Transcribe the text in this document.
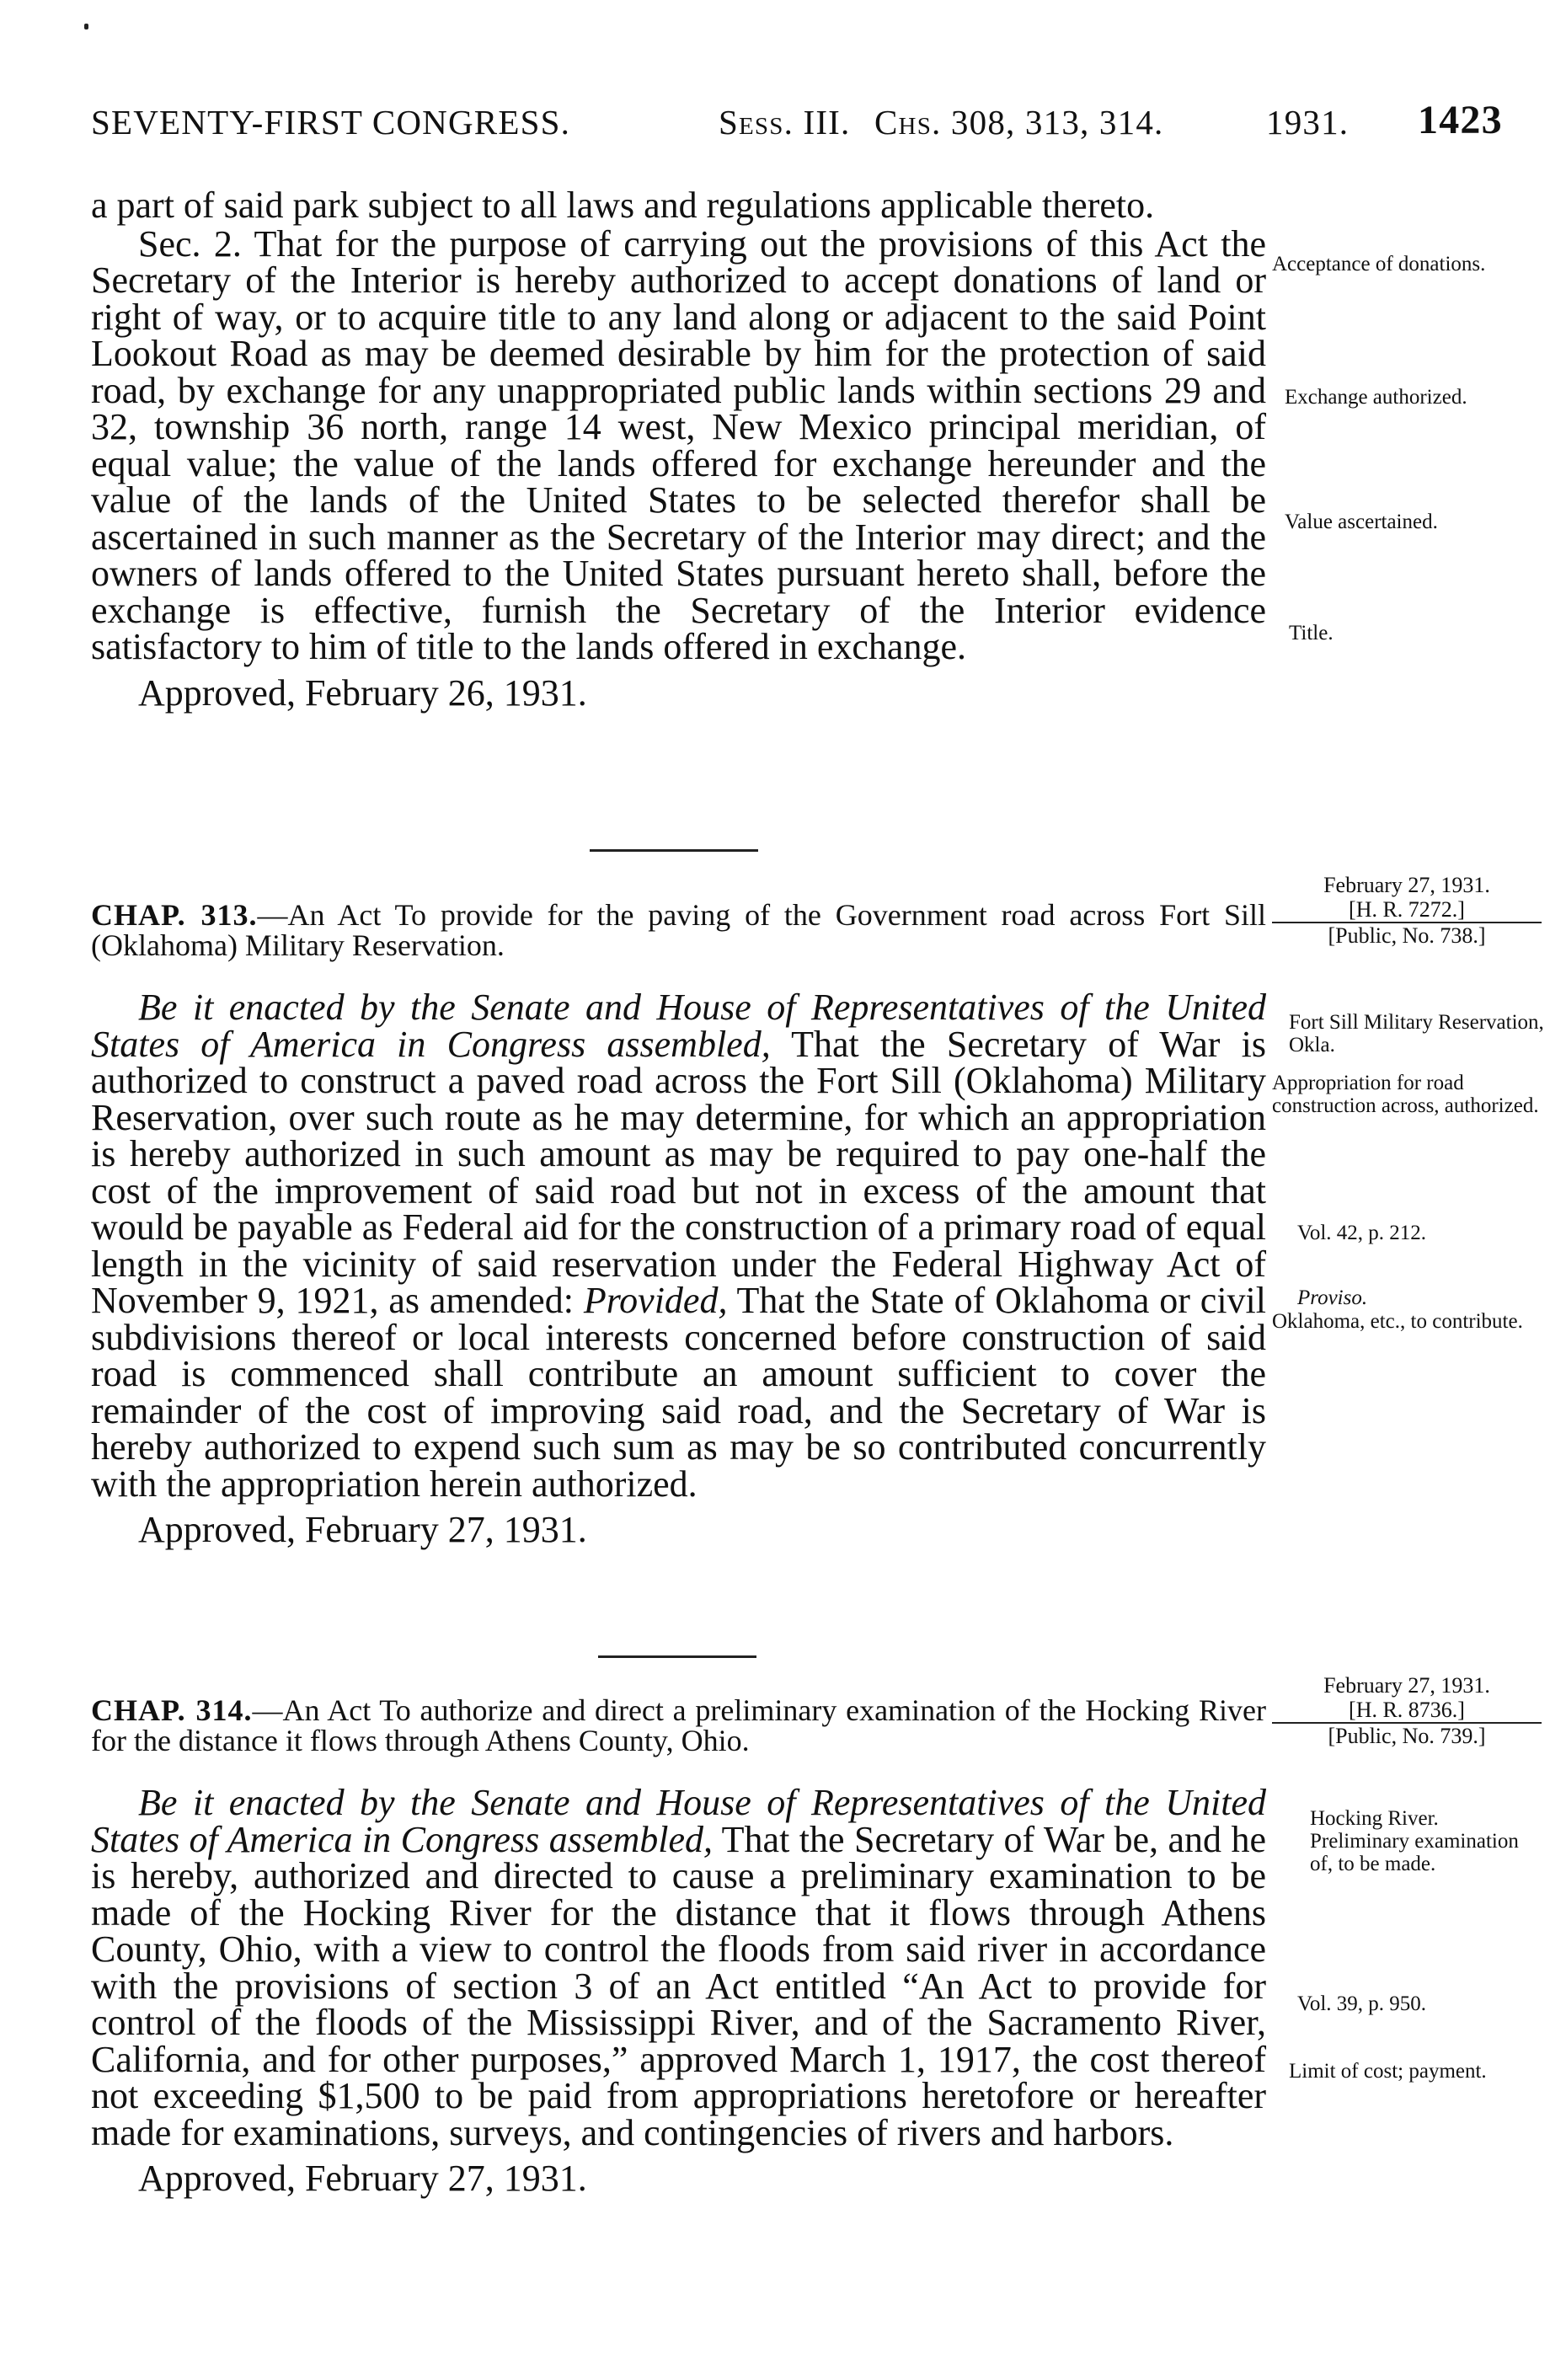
SEVENTY-FIRST CONGRESS.	Sess. III. Chs. 308, 313, 314.	1931. 1423

a part of said park subject to all laws and regulations applicable thereto.

Sec. 2. That for the purpose of carrying out the provisions of this Act the Secretary of the Interior is hereby authorized to accept donations of land or right of way, or to acquire title to any land along or adjacent to the said Point Lookout Road as may be deemed desirable by him for the protection of said road, by exchange for any unappropriated public lands within sections 29 and 32, township 36 north, range 14 west, New Mexico principal meridian, of equal value; the value of the lands offered for exchange hereunder and the value of the lands of the United States to be selected therefor shall be ascertained in such manner as the Secretary of the Interior may direct; and the owners of lands offered to the United States pursuant hereto shall, before the exchange is effective, furnish the Secretary of the Interior evidence satisfactory to him of title to the lands offered in exchange.

Approved, February 26, 1931.

Acceptance of donations.
Exchange authorized.
Value ascertained.
Title.
February 27, 1931.
[H. R. 7272.]
[Public, No. 738.]

CHAP. 313.—An Act To provide for the paving of the Government road across Fort Sill (Oklahoma) Military Reservation.

Be it enacted by the Senate and House of Representatives of the United States of America in Congress assembled, That the Secretary of War is authorized to construct a paved road across the Fort Sill (Oklahoma) Military Reservation, over such route as he may determine, for which an appropriation is hereby authorized in such amount as may be required to pay one-half the cost of the improvement of said road but not in excess of the amount that would be payable as Federal aid for the construction of a primary road of equal length in the vicinity of said reservation under the Federal Highway Act of November 9, 1921, as amended: Provided, That the State of Oklahoma or civil subdivisions thereof or local interests concerned before construction of said road is commenced shall contribute an amount sufficient to cover the remainder of the cost of improving said road, and the Secretary of War is hereby authorized to expend such sum as may be so contributed concurrently with the appropriation herein authorized.

Approved, February 27, 1931.

Fort Sill Military Reservation, Okla.
Appropriation for road construction across, authorized.
Vol. 42, p. 212.
Proviso.
Oklahoma, etc., to contribute.
February 27, 1931.
[H. R. 8736.]
[Public, No. 739.]

CHAP. 314.—An Act To authorize and direct a preliminary examination of the Hocking River for the distance it flows through Athens County, Ohio.

Be it enacted by the Senate and House of Representatives of the United States of America in Congress assembled, That the Secretary of War be, and he is hereby, authorized and directed to cause a preliminary examination to be made of the Hocking River for the distance that it flows through Athens County, Ohio, with a view to control the floods from said river in accordance with the provisions of section 3 of an Act entitled “An Act to provide for control of the floods of the Mississippi River, and of the Sacramento River, California, and for other purposes,” approved March 1, 1917, the cost thereof not exceeding $1,500 to be paid from appropriations heretofore or hereafter made for examinations, surveys, and contingencies of rivers and harbors.

Approved, February 27, 1931.

Hocking River.
Preliminary examination of, to be made.
Vol. 39, p. 950.
Limit of cost; payment.
